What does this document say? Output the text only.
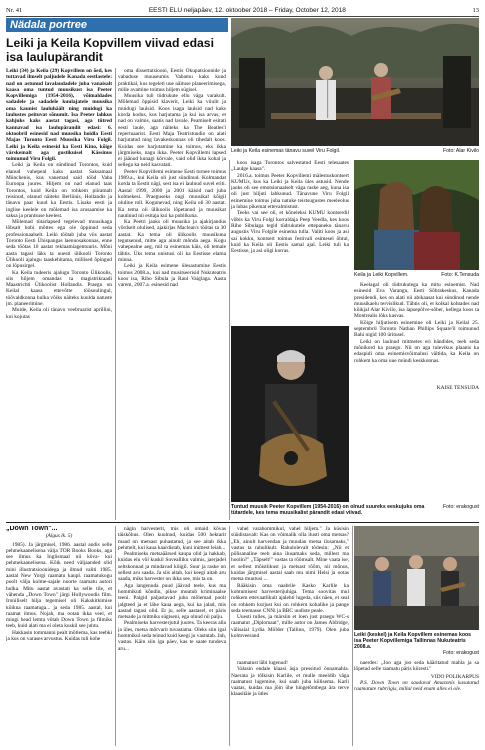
Nr. 41	EESTI ELU neljapäev, 12. oktoober 2018 – Friday, October 12, 2018	13
Nädala portree
Leiki ja Keila Kopvillem viivad edasi isa laulupärandit

Leiki (34) ja Keila (29) Kopvillem on õed, kes tuttavad ilmselt paljudele Kanada eestlastele: nad on astunud lavalaudadele juba vanaisalt kaasa oma tuntud muusikust isa Peeter Kopvillemiga (1954-2016), võimaldades sadadele ja sadadele kuulajatele muusika oma kaunist lauluhäält ning muidugi ka laulustes peituvat sõnumit. Isa Peeter lahkus kahjuks kaks aastat tagasi, aga tütred kannavad isa laulupärandit edasi: 6. oktoobril esinesid nad muusika hoidla Eesti Majas Toronto Eesti Muusika Viru Folgil. Leiki ja Keila esinesid ka Eesti Kino, kõige värskemalt aga gustikuisel Kässinus toimunud Viru Folgil.

Leiki ja Keila on sündinud Torontos, kuid elanud vahepeal kaks aastat Saksamaal Münchenis, kus vanemad said tööd Vaba Euroopa juures. Hiljem on nad elanud taas Torontos, kuid Keila on rohkem piiramalt reisinud, elanud näiteks Berliinis, Hollandis ja tänavu paar kuud ka Eestis. Lisaks eesti ja inglise keelele on mõlemad isa arusaamise ka saksa ja prantsuse keelest.

Mõlemad tütarlapsed tegelevad muusikaga lõbsalt hobi mõttes ega ole õppinud seda professionaalselt. Leiki töötab juba viis aastat Toronto Eesti Ühispangas laenuosakonnas, enne seda töötas 10 aastat reklaamiagentuuris. Mõni aasta tagasi läks ta uuesti ülikooli Toronto Ülikooli ajalugu taaskehitama, millised õpingud on lõpusirgel.

Ka Keila tudeeris ajalugu Toronto Ülikoolis, siis hiljem omandas ta magistrikraadi Maastrichti Ülikoolist Hollandis. Praegu on Keilal kaasa ettevõtte töösoulingul, töövaldkonna hulka võiks näiteks kuulda natuste jm. planeerimine.

Muide, Keila oli tänavu veebruarist aprillini, kui kojutas

oma dissertatsiooni, Eestis Okupatsioonide ja vabaduse muuseumis Vabamu kaks kuud praktikal, kus tegeleti uue näituse planeerimisega, mille avamine toimus hiljem sügisel.

Muusika tuli tüdrukute ellu väga varakult. Mõlemad õppisid klaverit, Leiki ka viiulit ja muidugi laulsid. Koos isaga laulsid nad kaks korda kodus, kus harjutama ja kui isa arvas, et nad on valmis, saatis nad lavale. Peamiselt esitati eesti laule, aga näiteks ka The Beatles'i repertuaarist. Eesti Maja Teatristuudio on alati harjutatud ning lavakeskonnas oli tihedalt koos. Kuidas see harjutamine ka toimus, eks ikka järgmiseks, nagu ikka. Peeter Kopvillemi lapsed ei jäänud kunagi kõrvale, vaid olid ikka kohal ja sellega ka neid kasvatati.

Peeter Kopvillemi esimene Eesti turnee toimus 1989.a., kui Keila oli just sündinud. Kolmandat korda ta Eestit nägi, sest isa ei laulnud suvel eriti. Aastal 1999, 2000 ja 2001 käisid nad juba kolmekesi. Praeguseks ongi muusikal kõigil oluline roll. Kogunevad, ning Keila oli 30 aastat. Ka tema oli ülikoolis lõpetanud ja muusikat nautinud nii esitaja kui ka publikuna.

Ka Peetri jaoks oli muusika ja ajakirjandus võrdselt olulised, ajakirjas Maclean's töötas ta 30 aastat. Ka tema oli ülikoolis muusikuna tegutsenud, mitte aga ainult mõnda aega. Kogu vahepealne aeg, mil ta esinemas käis, oli temale tähtis. Üks tema unistusi oli ka Eestisse elama minna.

Leiki ja Keila esimene ülesastumine Eestis toimus 2008.a., kui nad musitseerisid Nukuteatris koos isa, Riho Sibula ja Raul Vaiglaga. Aasta varem, 2007.a. esinesid nad

Leiki ja Keila esinemas tänavu suvel Viru Folgil.	Foto: Alar Kivilo

koos isaga Torontos salvestatud Eesti telesaates „Laulge kaasa".

2016.a. toimus Peeter Kopvillemi mälestuskontsert KUMUs, kus ka Leiki ja Keila üles astusid. Nende jaoks oli see emotsionaalselt väga raske aeg, kuna isa oli just hiljuti lahkunud. Tänavune Viru Folgil esinemine toimus juba natuke teistsugustes meeleolus ja lubas pikemat ettevalmistust.

Teeks vai see oli, et kõneleksi KUMU kontserdil võbis ka Viru Folgi korraldaja Peep Veedla, kes koos Riho Sibulaga tegid tüdrukutele ettepaneku tänavu augustis Viru Folgile esinema tulla. Valiti koos ja asi sai kokku, kontsert toimus festivali esimesel õhtul, kuid ka Keila oli Eestis samal ajal. Leiki tuli ka Eestisse, ja asi oligi korras.

Keila ja Leiki Kopvillem.	Foto: K.Tensuda

Keelagal oli tüdrukutega ka mitu esinemist. Nad esinesid Eva Varangu, Eesti Sõbrakeskus, Kanada presidendi, kes on alati nii abikaasat kui sündinud nende muusikaelu tervislikud. Tähtis oli, et kolkal kohtades nad kõikjal Alar Kivilo, isa lapsepõlve-sõber, kellega koos ta Montrealis lõks kasvas.

Kõige hiljutisem esinemine oli Leiki ja Keilal 25. septembril Toronto Nathan Phillips Square'il toimunud Bahi nigid 100 üritusel.

Leiki on laulnud mitmetes eri bändides, teeb seda mõnikord ka praegu. Nii on aga tulevikus plaanis ka edaspidi oma esinemisvõimalusi vältida, ka Keila on rohkem ka oma uue mündi keskkonnas.

KAISE TENSUDA

Tuntud muusik Peeter Kopvillem (1954-2016) on olnud suureks eeskujuks oma tütardele, kes tema muusikalist pärandit edasi viivad.
Foto: erakogust

„Down Town"...

(Algus lk. 5)

1985). Ja järgmisel, 1986. aastal andis selle pehmekaanelisena välja TOR Books Books, aga see ilmus ka Inglismaal nii kõva- kui pehmekaanelisena. Kõik need väljaanded olid mini illustratsioonidega ja ilmud valiti 1985. aastal New Yorgi raamatu kaupl. raamatukogu poolt välja kolme-sajale noorte raamatu autori hulka. Mitu aastat avastati ka selle tile, et vähenda „Down Town" järgi Hollywoodis film. Ironiliselt hilja tegemisel oli Kakskitkimise kõikna raamatuga... ja seda 1985. aastal, kui raamat ilmus. Nojah, ma ootan ikka veel, et mingi head lemta võtab Down Town ja filmiks teeb, kuid alati ma ei oleta kuskil see juhtu.

Hakkasin tommanni pealt mõtlema, kas teebki ja kus on varases arvustus. Kuidas tuli kohe

nägin harvesterit, mis oli omaid kõvas täiskõhus. Olen kuulnud, kuidas 500 hektarit maad on metsast puhastatud, ja see aitab ikka pehmelt, kui kaua kaardistab, kuni inimest leiab...

Pealmiseks metsaäärsed kaupa olid ja hakkab, kuidas elu või kuskil Suvealliku valmis, jaerjadel seltskonnad ja mindavad kõigil. Suur ja raske on sellest aru saada. Ja siis aitab, kui keegi aitab aru saada, miks harvester on ikka see, mis ta on.

Aga langenuda puud jäävad teele, kus ma hommikuti kõndin, pikse muutub kriminaalse teeni. Palgid paljastavad juba mõlemad poolt jalgteed ja et lähe kaua aega, kui ka jalad, mis aastad tagasi olid. Et ju, selle aastasel, et päris metsade ja mitmiks sügiseni, ega olnud nii palju.

Pealmiseks harvesterjutul juures. Ta keeras alla ja üles, metsa mõrvarit tuvastama. Oleks siin igal hommikul seda teinud kuid keegi ju vastutab. Jah, vastas. Käin siin iga päev, kas te saate tundeva aru...

vahel varahommikul, vahel hiljem." Ja küsisin süüdistavalt: Kas on võimalik olla ilusti oma metsas? „Eh, ainult harvendan ja muudan metsa ilusamaks," vastas ta rahulikult. Rahulolevalt tõdesin: „Nii et põlisanaline teeb aina ilusamaks seda, millest ma hoolin?" „Täpselt!" vastas ta rõõmsalt. Mine vaata ise, et sellest mõistlikust ja metsast rõõm, nii mõnus, kuidas järgmisel aastal saab mu nimi Helsi ja ootas metsa muutusi ...

Rääkisin oma naabrile Kasko Karlile ka kohtumisest harvesterijuhiga. Tema soovitas mul rohkem ettevaatlikult ajalehti lugeda, siis näen, et seal on rohkem kurjust kui on rohkem kohalike ja pange seda teemasse CNNi ja BBC uudiste peale.

Uuesti tulles, ja märsiin et loen just praegu WC-s raamatut „Diplomaat", mille autor on James Aldridge, välisaial Lydia Mölder (Tallinn, 1979). Olen juba kolmveerand	Leiki (keskel) ja Keila Kopvillem esinemas koos isa Peeter Kopvillemiga Tallinnas Nukuteatris 2008.a.
Foto: erakogust

raamatust läbi lugenud!

Valasin endale klaasi äsja pressitud õunamahla. Naerata ja tõlkisin Karlile, et mulle meeldib väga raamatust lugemine, kui saab juba kõlisema. Karli vaatas, kuidas ma jõin ühe hingetõmbega ära terve klaasitäie ja ütles

naerdes: „Joo aga joo seda kääritatud mahla ja sa lõpetad selle raamatu päris kiiresti."

VIDO POLIKARPUS

P.S. Down Town on saadaval Amazonis kasutatud raamatute rubriigis, millal neid enam alles ei ole.
